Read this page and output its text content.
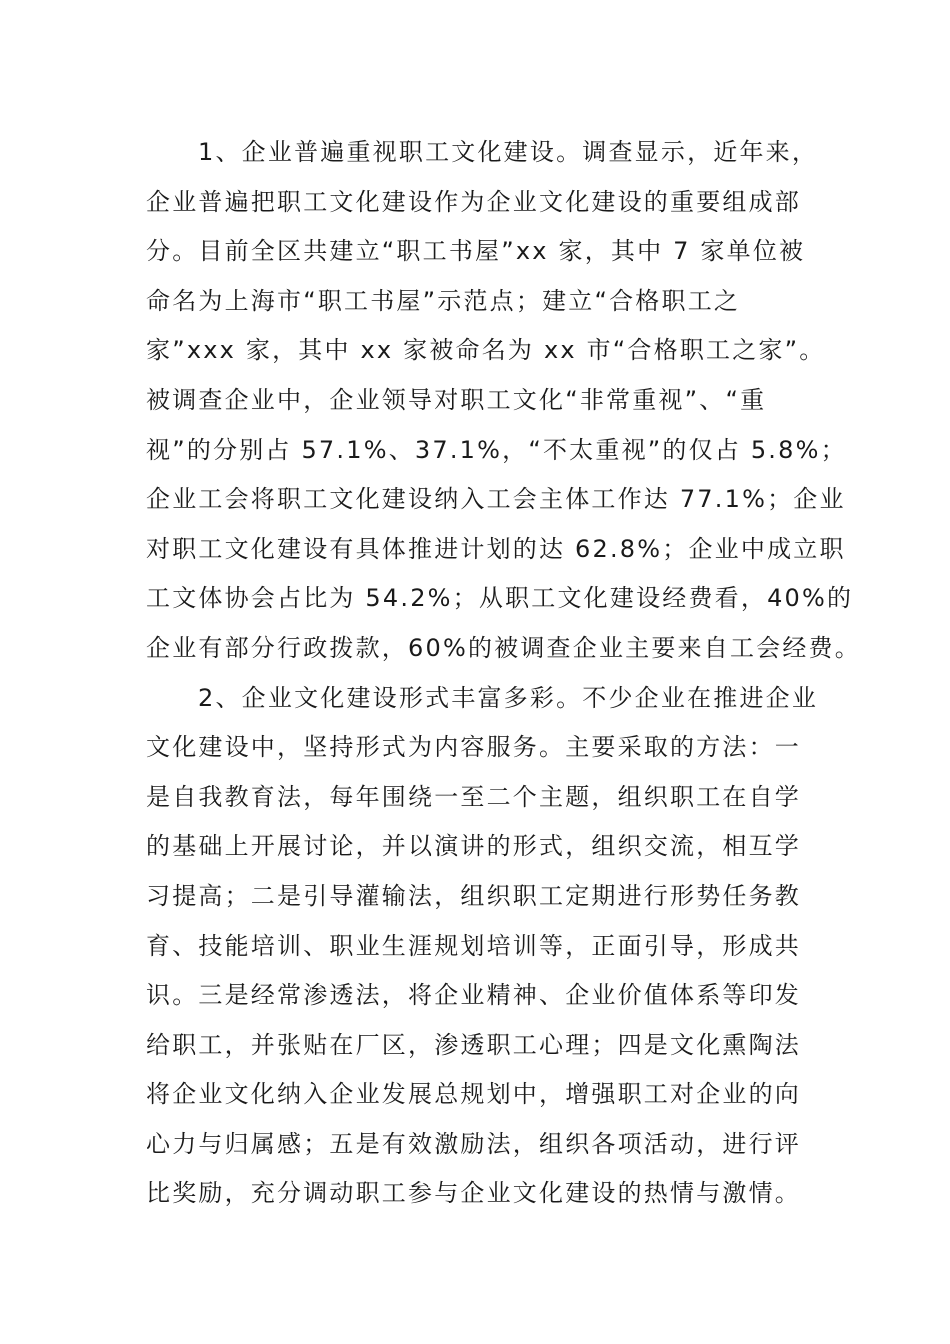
1、企业普遍重视职工文化建设。调查显示，近年来，
企业普遍把职工文化建设作为企业文化建设的重要组成部
分。目前全区共建立“职工书屋”xx 家，其中 7 家单位被
命名为上海市“职工书屋”示范点；建立“合格职工之
家”xxx 家，其中 xx 家被命名为 xx 市“合格职工之家”。
被调查企业中，企业领导对职工文化“非常重视”、“重
视”的分别占 57.1%、37.1%，“不太重视”的仅占 5.8%；
企业工会将职工文化建设纳入工会主体工作达 77.1%；企业
对职工文化建设有具体推进计划的达 62.8%；企业中成立职
工文体协会占比为 54.2%；从职工文化建设经费看，40%的
企业有部分行政拨款，60%的被调查企业主要来自工会经费。
2、企业文化建设形式丰富多彩。不少企业在推进企业
文化建设中，坚持形式为内容服务。主要采取的方法：一
是自我教育法，每年围绕一至二个主题，组织职工在自学
的基础上开展讨论，并以演讲的形式，组织交流，相互学
习提高；二是引导灌输法，组织职工定期进行形势任务教
育、技能培训、职业生涯规划培训等，正面引导，形成共
识。三是经常渗透法，将企业精神、企业价值体系等印发
给职工，并张贴在厂区，渗透职工心理；四是文化熏陶法
将企业文化纳入企业发展总规划中，增强职工对企业的向
心力与归属感；五是有效激励法，组织各项活动，进行评
比奖励，充分调动职工参与企业文化建设的热情与激情。
